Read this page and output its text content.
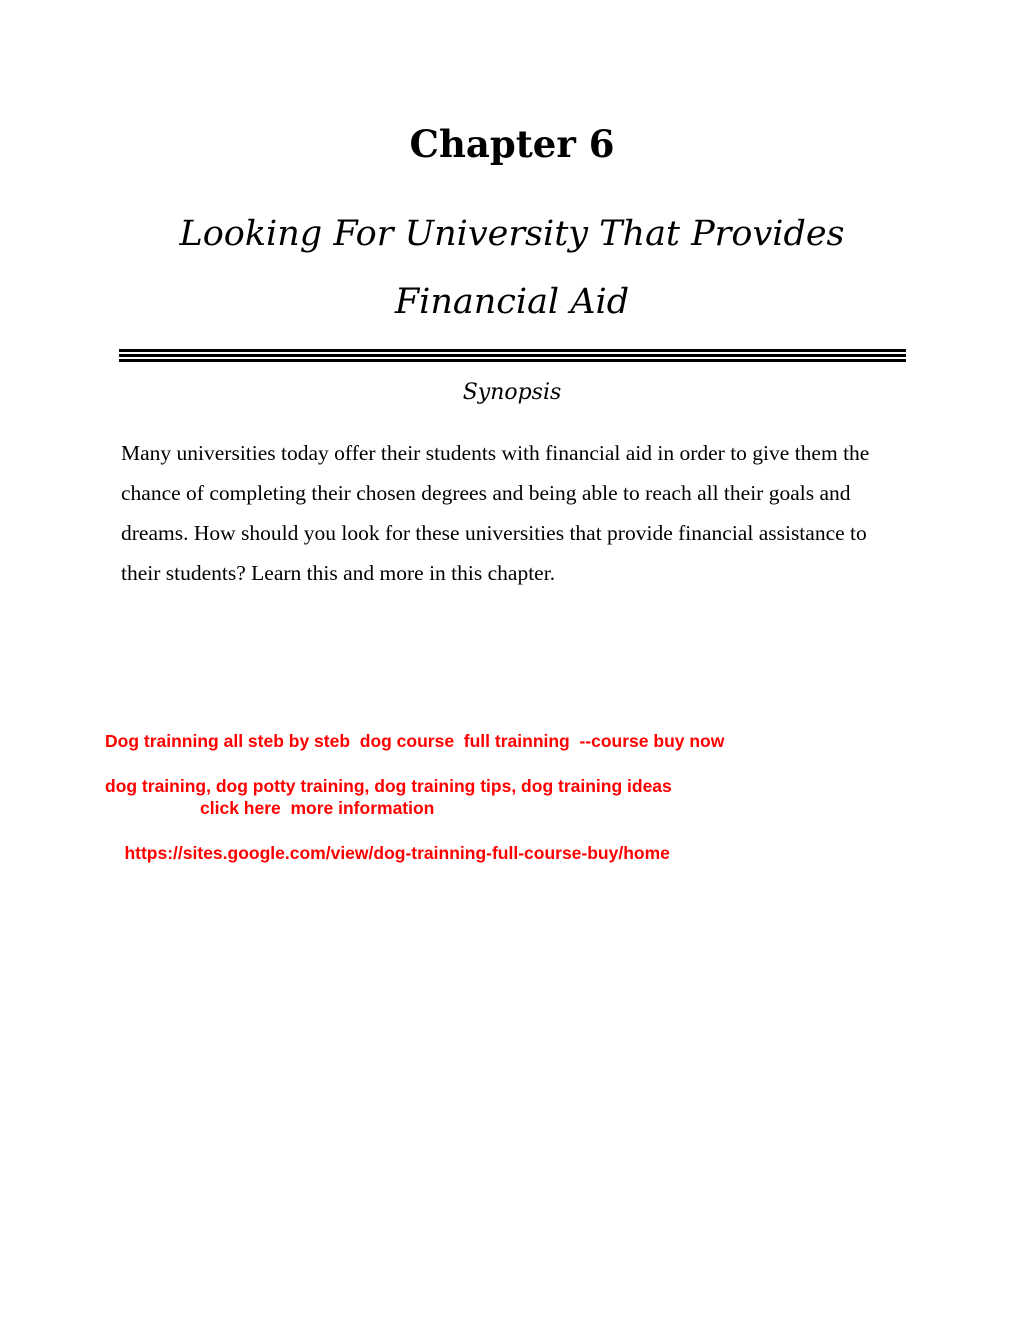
Chapter 6
Looking For University That Provides Financial Aid
Synopsis

Many universities today offer their students with financial aid in order to give them the chance of completing their chosen degrees and being able to reach all their goals and dreams. How should you look for these universities that provide financial assistance to their students? Learn this and more in this chapter.

Dog trainning all steb by steb  dog course  full trainning  --course buy now
dog training, dog potty training, dog training tips, dog training ideas
click here  more information

https://sites.google.com/view/dog-trainning-full-course-buy/home
